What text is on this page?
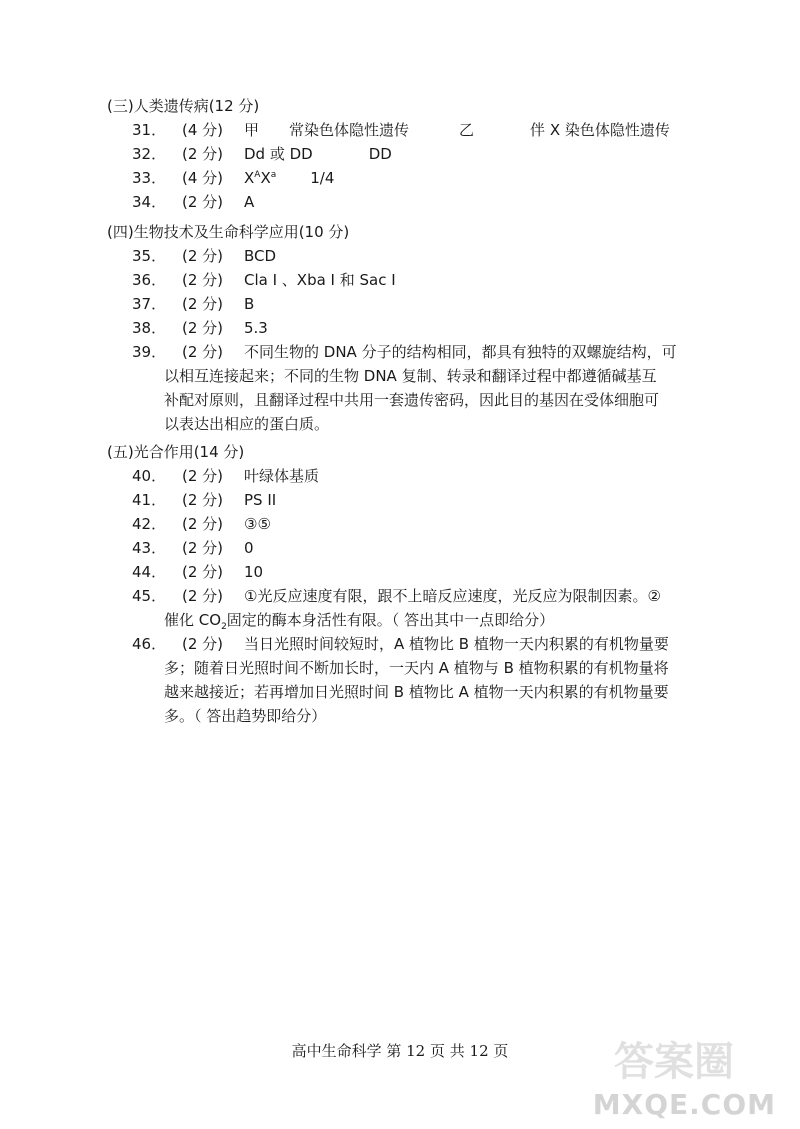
(三)人类遗传病(12 分)
31． (4 分) 甲 常染色体隐性遗传	乙	伴 X 染色体隐性遗传
32． (2 分) Dd 或 DD	DD
33． (4 分) $X^AX^a$ 1/4
34． (2 分) A
(四)生物技术及生命科学应用(10 分)
35． (2 分) BCD
36． (2 分) Cla I 、Xba I 和 Sac I
37． (2 分) B
38． (2 分) 5.3
39． (2 分) 不同生物的 DNA 分子的结构相同，都具有独特的双螺旋结构，可
以相互连接起来；不同的生物 DNA 复制、转录和翻译过程中都遵循碱基互
补配对原则，且翻译过程中共用一套遗传密码，因此目的基因在受体细胞可
以表达出相应的蛋白质。
(五)光合作用(14 分)
40． (2 分) 叶绿体基质
41． (2 分) PS II
42． (2 分) ③⑤
43． (2 分) 0
44． (2 分) 10
45． (2 分) ①光反应速度有限，跟不上暗反应速度，光反应为限制因素。②
催化 $CO_2$固定的酶本身活性有限。（ 答出其中一点即给分）
46． (2 分) 当日光照时间较短时，A 植物比 B 植物一天内积累的有机物量要
多；随着日光照时间不断加长时，一天内 A 植物与 B 植物积累的有机物量将
越来越接近；若再增加日光照时间 B 植物比 A 植物一天内积累的有机物量要
多。（ 答出趋势即给分）
高中生命科学 第 12 页 共 12 页	答案圈
MXQE.COM
